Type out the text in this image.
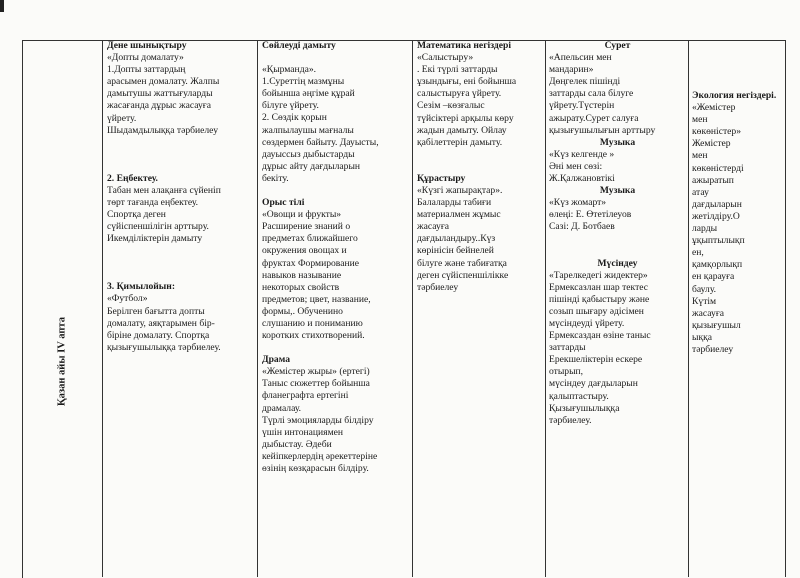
Қазан айы IV апта

Дене шынықтыру

«Допты домалату»

1.Допты заттардың

арасымен домалату. Жалпы

дамытушы жаттығуларды

жасағанда дұрыс жасауға

үйрету.

Шыдамдылыққа тәрбиелеу

2. Еңбектеу.

Табан мен алақанға сүйеніп

төрт тағанда еңбектеу.

Спортқа деген

сүйіспеншілігін арттыру.

Икемділіктерін дамыту

3. Қимылойын:

«Футбол»

Берілген бағытта допты

домалату, аяқтарымен бір-

біріне домалату. Спортқа

қызығушылыққа тәрбиелеу.

Сөйлеудi дамыту

«Қырманда».

1.Суреттiң мазмұны

бойынша әңгiме құрай

бiлуге үйрету.

2. Сөздiк қорын

жалпылаушы мағналы

сөздермен байыту. Дауысты,

дауыссыз дыбыстарды

дұрыс айту дағдыларын

бекiту.

Орыс тілі

«Овощи и фрукты»

Расширение знаний о

предметах ближайшего

окружения овощах и

фруктах Формирование

навыков называние

некоторых свойств

предметов; цвет, название,

формы,. Обученино

слушанию и пониманию

коротких стихотворений.

Драма

«Жемістер жыры» (ертегі)

Таныс сюжеттер бойынша

фланеграфта ертегіні

драмалау.

Түрлі эмоцияларды білдіру

үшін интонациямен

дыбыстау. Әдеби

кейіпкерлердің әрекеттеріне

өзінің көзқарасын білдіру.

Математика негiздерi

«Салыстыру»

. Екi түрлi заттарды

ұзындығы, енi бойынша

салыстыруға үйрету.

Сезiм –көзғалыс

түйсiктерi арқылы көру

жадын дамыту. Ойлау

қабiлеттерiн дамыту.

Құрастыру

«Күзгі жапырақтар».

Балаларды табиғи

материалмен жұмыс

жасауға

дағдыландыру..Күз

көрінісін бейнелей

білуге және табиғатқа

деген сүйіспеншілікке

тәрбиелеу

Сурет

«Апельсин мен

мандарин»

Дөңгелек пішінді

заттарды сала білуге

үйрету.Түстерін

ажырату.Сурет салуға

қызығушылығын арттыру

Музыка

«Күз келгенде »

Әні мен сөзі:

Ж.Қалжановтікі

Музыка

«Күз жомарт»

өлеңі: Е. Өтетілеуов

Сазі: Д. Ботбаев

Мүсіндеу

«Тарелкедегі жидектер»

Ермексазлан шар тектес

пішінді қабыстыру және

созып шығару әдісімен

мүсіндеуді үйрету.

Ермексаздан өзіне таныс

заттарды

Ерекшеліктерін ескере

отырып,

мүсіндеу дағдыларын

қалыптастыру.

Қызығушылыққа

тәрбиелеу.

Экология негiздерi.

«Жемiстер

мен

көкөнiстер»

Жемiстер

мен

көкөнiстердi

ажыратып

атау

дағдыларын

жетiлдiру.О

ларды

ұқыптылықп

ен,

қамқорлықп

ен қарауға

баулу.

Күтiм

жасауға

қызығушыл

ыққа

тәрбиелеу
